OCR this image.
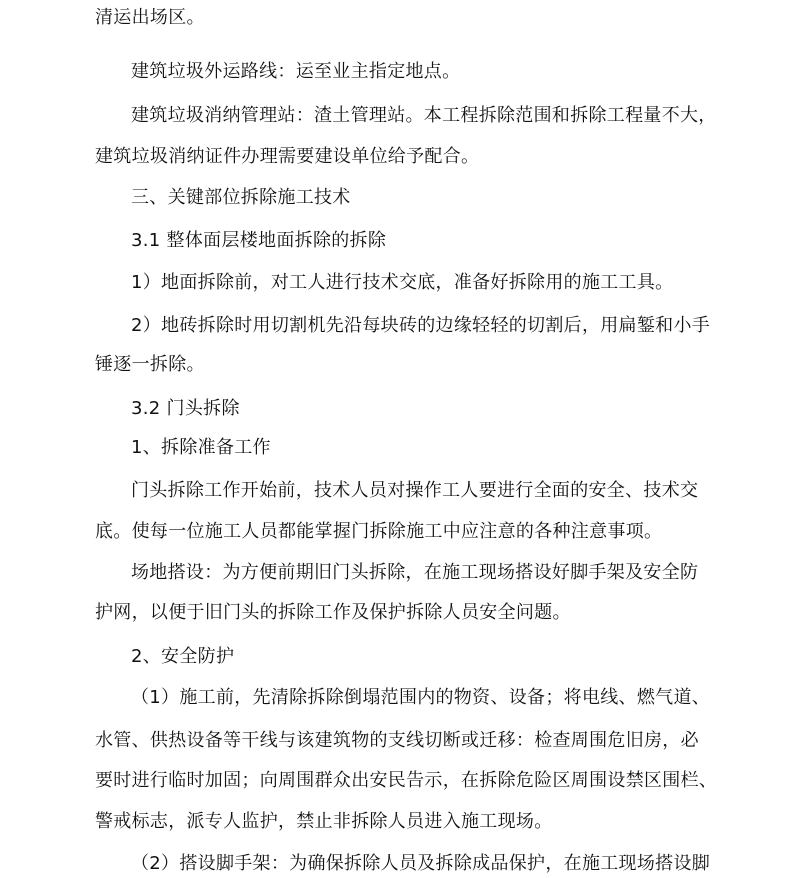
清运出场区。
建筑垃圾外运路线：运至业主指定地点。
建筑垃圾消纳管理站：渣土管理站。本工程拆除范围和拆除工程量不大，
建筑垃圾消纳证件办理需要建设单位给予配合。
三、关键部位拆除施工技术
3.1 整体面层楼地面拆除的拆除
1）地面拆除前，对工人进行技术交底，准备好拆除用的施工工具。
2）地砖拆除时用切割机先沿每块砖的边缘轻轻的切割后，用扁錾和小手
锤逐一拆除。
3.2 门头拆除
1、拆除准备工作
门头拆除工作开始前，技术人员对操作工人要进行全面的安全、技术交
底。使每一位施工人员都能掌握门拆除施工中应注意的各种注意事项。
场地搭设：为方便前期旧门头拆除，在施工现场搭设好脚手架及安全防
护网，以便于旧门头的拆除工作及保护拆除人员安全问题。
2、安全防护
（1）施工前，先清除拆除倒塌范围内的物资、设备；将电线、燃气道、
水管、供热设备等干线与该建筑物的支线切断或迁移：检查周围危旧房，必
要时进行临时加固；向周围群众出安民告示，在拆除危险区周围设禁区围栏、
警戒标志，派专人监护，禁止非拆除人员进入施工现场。
（2）搭设脚手架：为确保拆除人员及拆除成品保护，在施工现场搭设脚
